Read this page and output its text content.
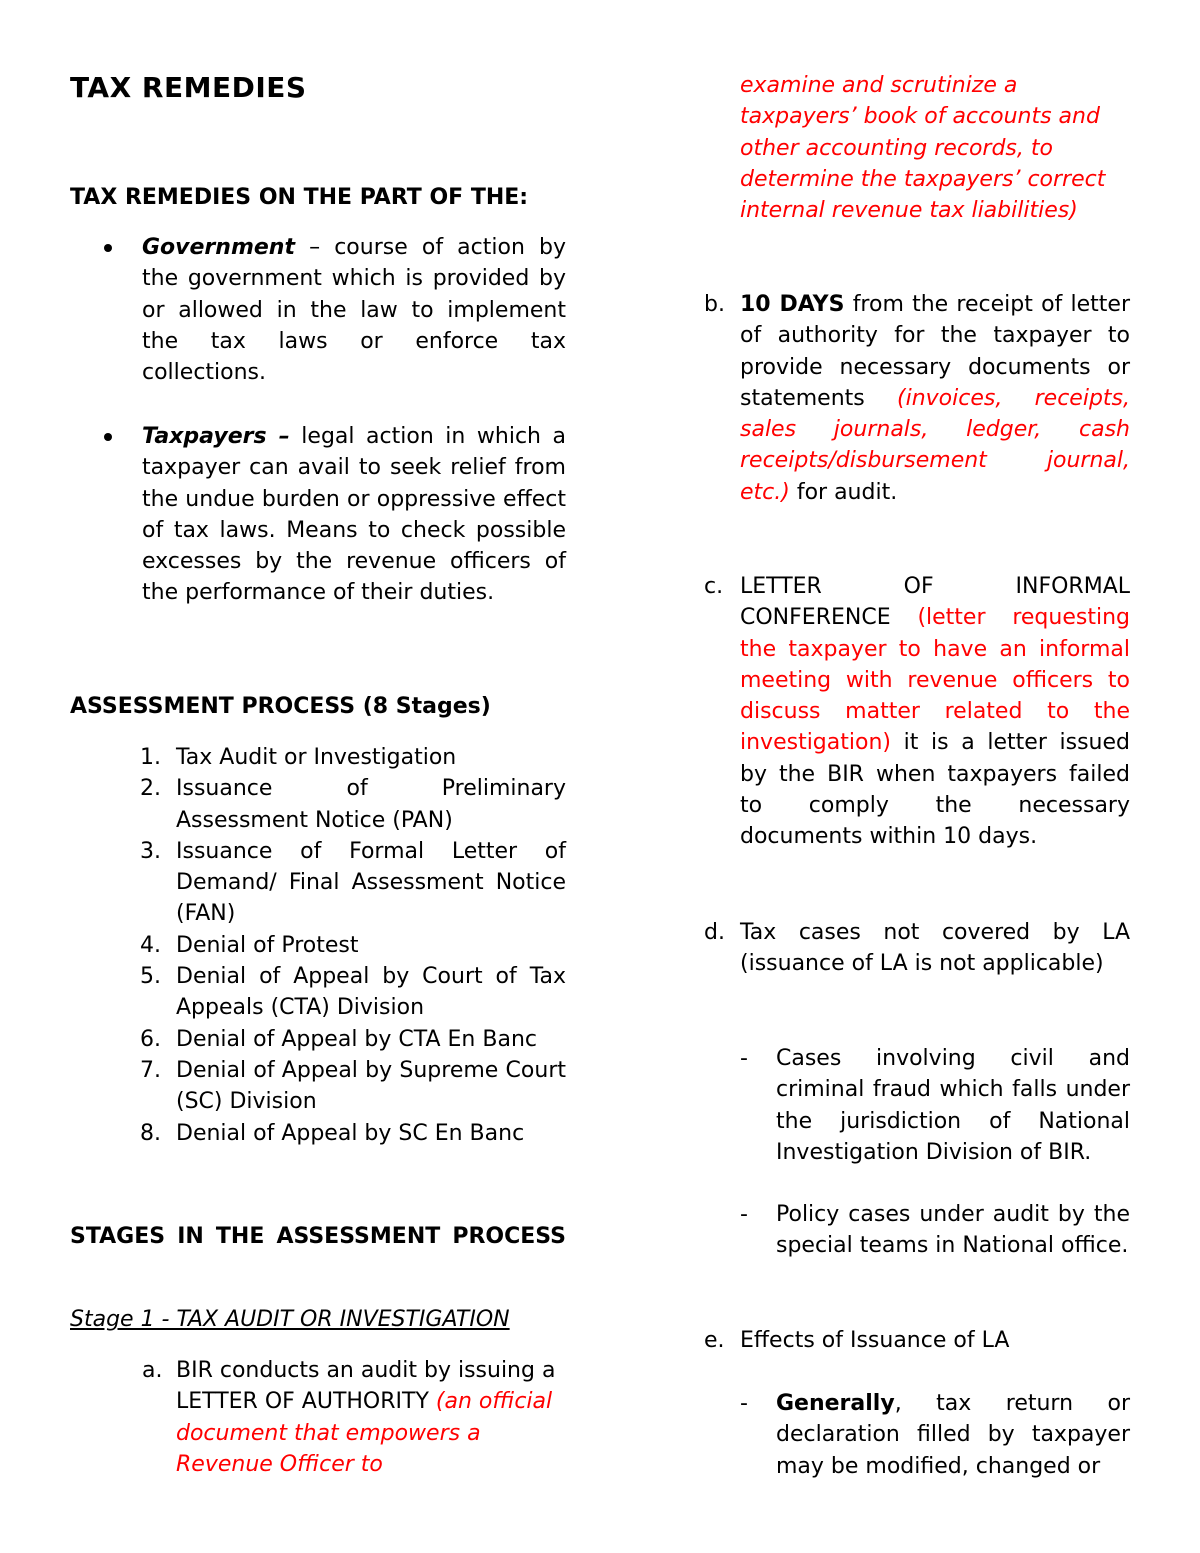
TAX REMEDIES
TAX REMEDIES ON THE PART OF THE:
Government – course of action by the government which is provided by or allowed in the law to implement the tax laws or enforce tax collections.
Taxpayers – legal action in which a taxpayer can avail to seek relief from the undue burden or oppressive effect of tax laws. Means to check possible excesses by the revenue officers of the performance of their duties.
ASSESSMENT PROCESS (8 Stages)
1. Tax Audit or Investigation
2. Issuance of Preliminary Assessment Notice (PAN)
3. Issuance of Formal Letter of Demand/ Final Assessment Notice (FAN)
4. Denial of Protest
5. Denial of Appeal by Court of Tax Appeals (CTA) Division
6. Denial of Appeal by CTA En Banc
7. Denial of Appeal by Supreme Court (SC) Division
8. Denial of Appeal by SC En Banc
STAGES IN THE ASSESSMENT PROCESS
Stage 1 - TAX AUDIT OR INVESTIGATION
a. BIR conducts an audit by issuing a LETTER OF AUTHORITY (an official document that empowers a Revenue Officer to
examine and scrutinize a taxpayers’ book of accounts and other accounting records, to determine the taxpayers’ correct internal revenue tax liabilities)
b. 10 DAYS from the receipt of letter of authority for the taxpayer to provide necessary documents or statements (invoices, receipts, sales journals, ledger, cash receipts/disbursement journal, etc.) for audit.
c. LETTER OF INFORMAL CONFERENCE (letter requesting the taxpayer to have an informal meeting with revenue officers to discuss matter related to the investigation) it is a letter issued by the BIR when taxpayers failed to comply the necessary documents within 10 days.
d. Tax cases not covered by LA (issuance of LA is not applicable)
- Cases involving civil and criminal fraud which falls under the jurisdiction of National Investigation Division of BIR.
- Policy cases under audit by the special teams in National office.
e. Effects of Issuance of LA
- Generally, tax return or declaration filled by taxpayer may be modified, changed or
